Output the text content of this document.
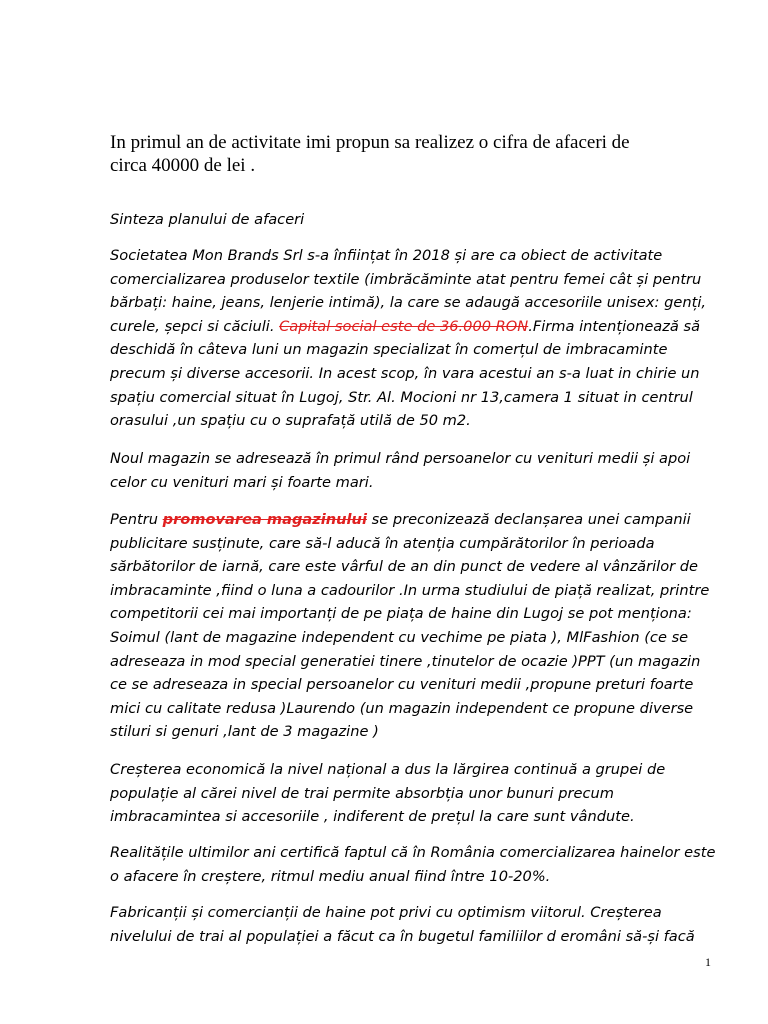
In primul an de activitate imi propun sa realizez o cifra de afaceri de
circa 40000 de lei .

Sinteza planului de afaceri

Societatea Mon Brands Srl s-a înființat în 2018 și are ca obiect de activitate
comercializarea produselor textile (imbrăcăminte atat pentru femei cât și pentru
bărbați: haine, jeans, lenjerie intimă), la care se adaugă accesoriile unisex: genți,
curele, șepci si căciuli. Capital social este de 36.000 RON.Firma intenționează să
deschidă în câteva luni un magazin specializat în comerțul de imbracaminte
precum și diverse accesorii. In acest scop, în vara acestui an s-a luat in chirie un
spațiu comercial situat în Lugoj, Str. Al. Mocioni nr 13,camera 1 situat in centrul
orasului ,un spațiu cu o suprafață utilă de 50 m2.

Noul magazin se adresează în primul rând persoanelor cu venituri medii și apoi
celor cu venituri mari și foarte mari.

Pentru promovarea magazinului se preconizează declanșarea unei campanii
publicitare susținute, care să-l aducă în atenția cumpărătorilor în perioada
sărbătorilor de iarnă, care este vârful de an din punct de vedere al vânzărilor de
imbracaminte ,fiind o luna a cadourilor .In urma studiului de piață realizat, printre
competitorii cei mai importanți de pe piața de haine din Lugoj se pot menționa:
Soimul (lant de magazine independent cu vechime pe piata ), MlFashion (ce se
adreseaza in mod special generatiei tinere ,tinutelor de ocazie )PPT (un magazin
ce se adreseaza in special persoanelor cu venituri medii ,propune preturi foarte
mici cu calitate redusa )Laurendo (un magazin independent ce propune diverse
stiluri si genuri ,lant de 3 magazine )

Creșterea economică la nivel național a dus la lărgirea continuă a grupei de
populație al cărei nivel de trai permite absorbția unor bunuri precum
imbracamintea si accesoriile , indiferent de prețul la care sunt vândute.

Realitățile ultimilor ani certifică faptul că în România comercializarea hainelor este
o afacere în creștere, ritmul mediu anual fiind între 10-20%.

Fabricanții și comercianții de haine pot privi cu optimism viitorul. Creșterea
nivelului de trai al populației a făcut ca în bugetul familiilor d eromâni să-și facă

1
